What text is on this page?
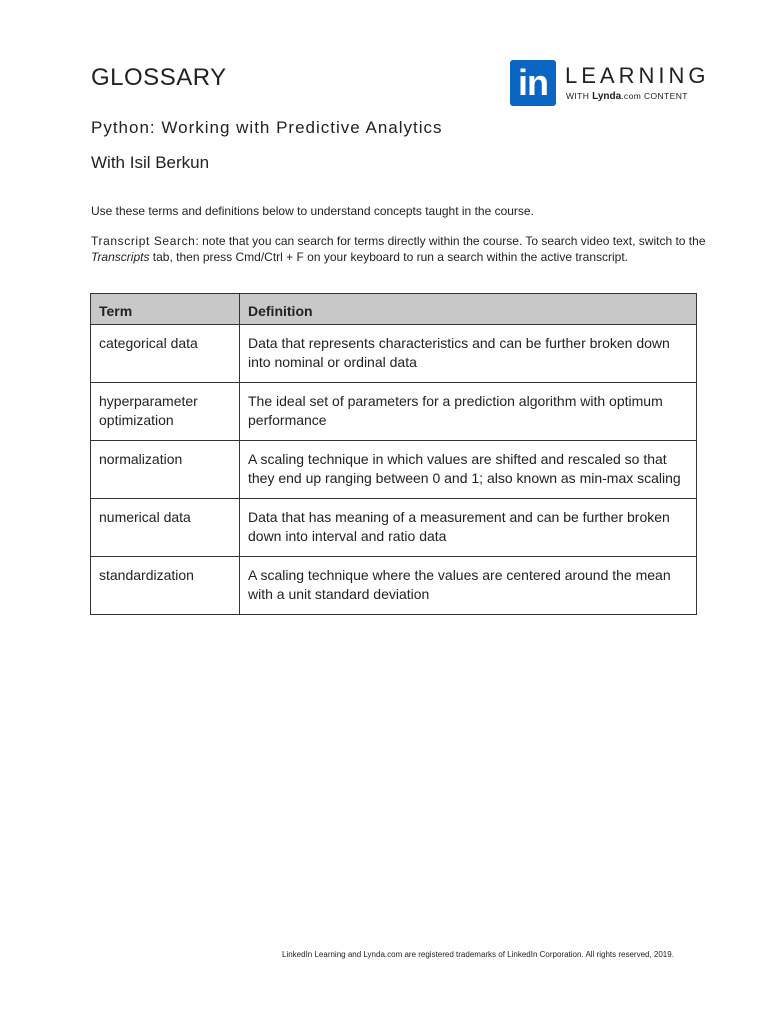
GLOSSARY	in LEARNING
WITH Lynda.com CONTENT
Python: Working with Predictive Analytics
With Isil Berkun
Use these terms and definitions below to understand concepts taught in the course.
Transcript Search: note that you can search for terms directly within the course. To search video text, switch to the Transcripts tab, then press Cmd/Ctrl + F on your keyboard to run a search within the active transcript.
Term	Definition
categorical data	Data that represents characteristics and can be further broken down into nominal or ordinal data
hyperparameter optimization	The ideal set of parameters for a prediction algorithm with optimum performance
normalization	A scaling technique in which values are shifted and rescaled so that they end up ranging between 0 and 1; also known as min-max scaling
numerical data	Data that has meaning of a measurement and can be further broken down into interval and ratio data
standardization	A scaling technique where the values are centered around the mean with a unit standard deviation
LinkedIn Learning and Lynda.com are registered trademarks of LinkedIn Corporation. All rights reserved, 2019.
